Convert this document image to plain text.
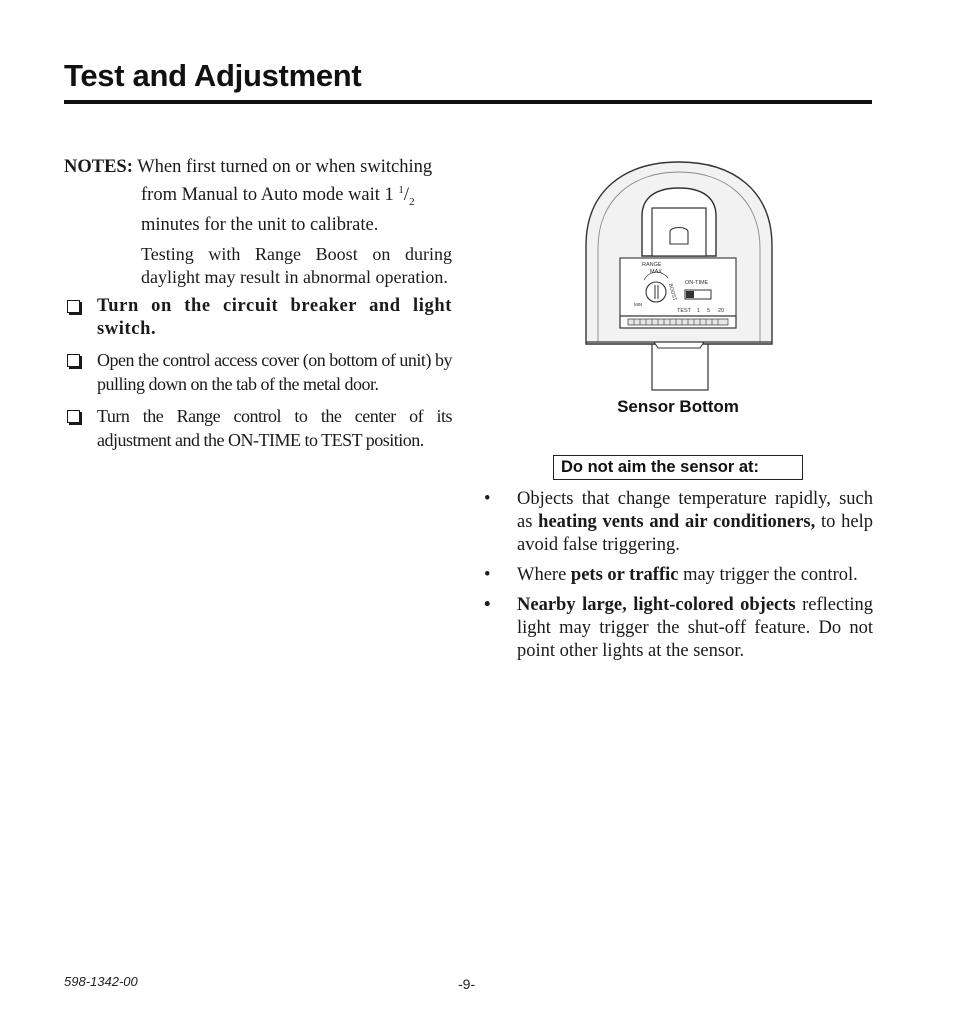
Test and Adjustment
NOTES: When first turned on or when switching
from Manual to Auto mode wait 1 $^1/_2$
minutes for the unit to calibrate.
Testing with Range Boost on during daylight may result in abnormal operation.
Turn on the circuit breaker and light switch.
Open the control access cover (on bottom of unit) by pulling down on the tab of the metal door.
Turn the Range control to the center of its adjustment and the ON-TIME to TEST position.
RANGE
MAX
MIN
BOOST ON-TIME
TEST 1 5 20
Sensor Bottom
Do not aim the sensor at:
• Objects that change temperature rapidly, such as heating vents and air conditioners, to help avoid false triggering.
• Where pets or traffic may trigger the control.
• Nearby large, light-colored objects reflecting light may trigger the shut-off feature. Do not point other lights at the sensor.
598-1342-00	-9-
